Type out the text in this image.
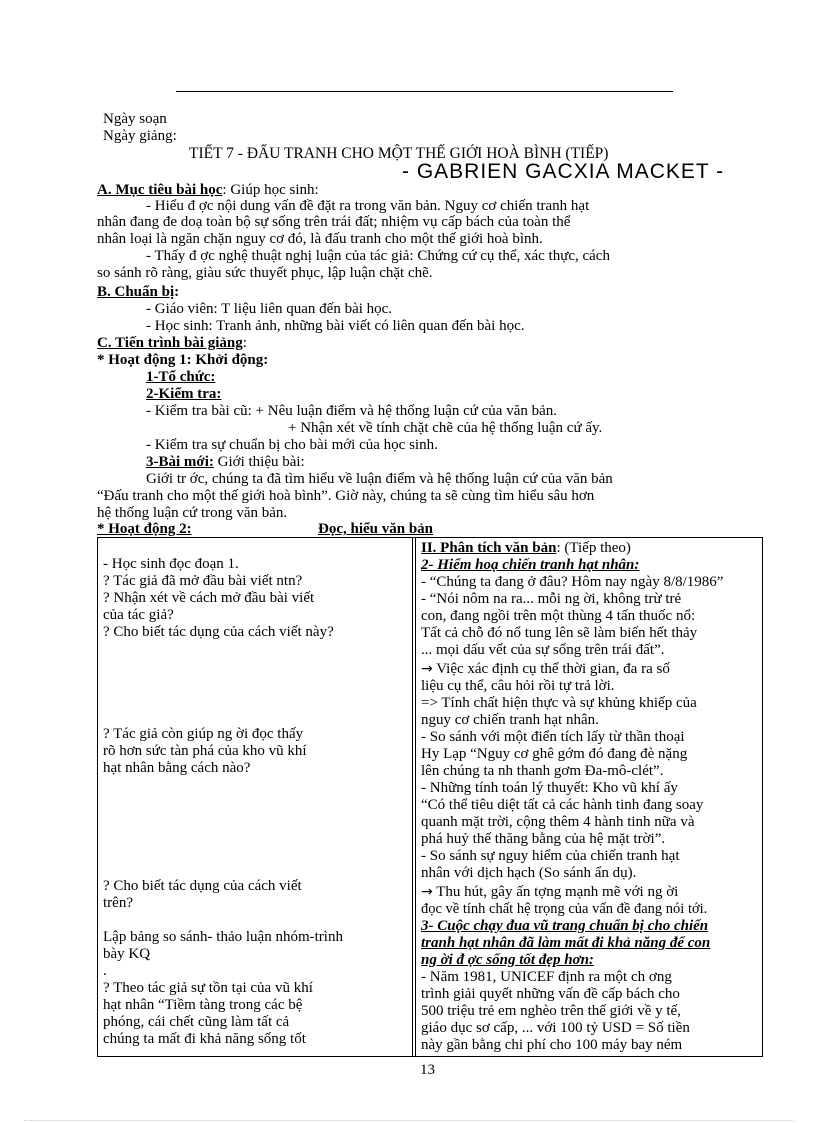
Ngày soạn
Ngày giảng:
TIẾT 7 - ĐẤU TRANH CHO MỘT THẾ GIỚI HOÀ BÌNH (TIẾP)
- GABRIEN GACXIA MACKET -
A. Mục tiêu bài học: Giúp học sinh:
- Hiểu đ ợc nội dung vấn đề đặt ra trong văn bản. Nguy cơ chiến tranh hạt
nhân đang đe doạ toàn bộ sự sống trên trái đất; nhiệm vụ cấp bách của toàn thể
nhân loại là ngăn chặn nguy cơ đó, là đấu tranh cho một thế giới hoà bình.
- Thấy đ ợc nghệ thuật nghị luận của tác giả: Chứng cứ cụ thể, xác thực, cách
so sánh rõ ràng, giàu sức thuyết phục, lập luận chặt chẽ.
B. Chuẩn bị:
- Giáo viên: T liệu liên quan đến bài học.
- Học sinh: Tranh ảnh, những bài viết có liên quan đến bài học.
C. Tiến trình bài giảng:
* Hoạt động 1: Khởi động:
1-Tổ chức:
2-Kiểm tra:
- Kiểm tra bài cũ: + Nêu luận điểm và hệ thống luận cứ của văn bản.
+ Nhận xét về tính chặt chẽ của hệ thống luận cứ ấy.
- Kiểm tra sự chuẩn bị cho bài mới của học sinh.
3-Bài mới: Giới thiệu bài:
Giới tr ớc, chúng ta đã tìm hiểu về luận điểm và hệ thống luận cứ của văn bản
“Đấu tranh cho một thế giới hoà bình”. Giờ này, chúng ta sẽ cùng tìm hiểu sâu hơn
hệ thống luận cứ trong văn bản.
* Hoạt động 2:	Đọc, hiểu văn bản
- Học sinh đọc đoạn 1.
? Tác giả đã mở đầu bài viết ntn?
? Nhận xét về cách mở đầu bài viết
của tác giả?
? Cho biết tác dụng của cách viết này?
? Tác giả còn giúp ng ời đọc thấy
rõ hơn sức tàn phá của kho vũ khí
hạt nhân bằng cách nào?
? Cho biết tác dụng của cách viết
trên?
Lập bảng so sánh- thảo luận nhóm-trình
bày KQ
.
? Theo tác giả sự tồn tại của vũ khí
hạt nhân “Tiềm tàng trong các bệ
phóng, cái chết cũng làm tất cả
chúng ta mất đi khả năng sống tốt
II. Phân tích văn bản: (Tiếp theo)
2- Hiểm hoạ chiến tranh hạt nhân:
- “Chúng ta đang ở đâu? Hôm nay ngày 8/8/1986”
- “Nói nôm na ra... mỗi ng ời, không trừ trẻ
con, đang ngồi trên một thùng 4 tấn thuốc nổ:
Tất cả chỗ đó nổ tung lên sẽ làm biến hết thảy
... mọi dấu vết của sự sống trên trái đất”.
→ Việc xác định cụ thể thời gian, đa ra số
liệu cụ thể, câu hỏi rồi tự trả lời.
=> Tính chất hiện thực và sự khủng khiếp của
nguy cơ chiến tranh hạt nhân.
- So sánh với một điển tích lấy từ thần thoại
Hy Lạp “Nguy cơ ghê gớm đó đang đè nặng
lên chúng ta nh thanh gơm Đa-mô-clét”.
- Những tính toán lý thuyết: Kho vũ khí ấy
“Có thể tiêu diệt tất cả các hành tinh đang soay
quanh mặt trời, cộng thêm 4 hành tinh nữa và
phá huỷ thế thăng bằng của hệ mặt trời”.
- So sánh sự nguy hiểm của chiến tranh hạt
nhân với dịch hạch (So sánh ẩn dụ).
→ Thu hút, gây ấn tợng mạnh mẽ với ng ời
đọc về tính chất hệ trọng của vấn đề đang nói tới.
3- Cuộc chạy đua vũ trang chuẩn bị cho chiến
tranh hạt nhân đã làm mất đi khả năng để con
ng ời đ ợc sống tốt đẹp hơn:
- Năm 1981, UNICEF định ra một ch ơng
trình giải quyết những vấn đề cấp bách cho
500 triệu trẻ em nghèo trên thế giới về y tế,
giáo dục sơ cấp, ... với 100 tỷ USD = Số tiền
này gần bằng chi phí cho 100 máy bay ném
13
